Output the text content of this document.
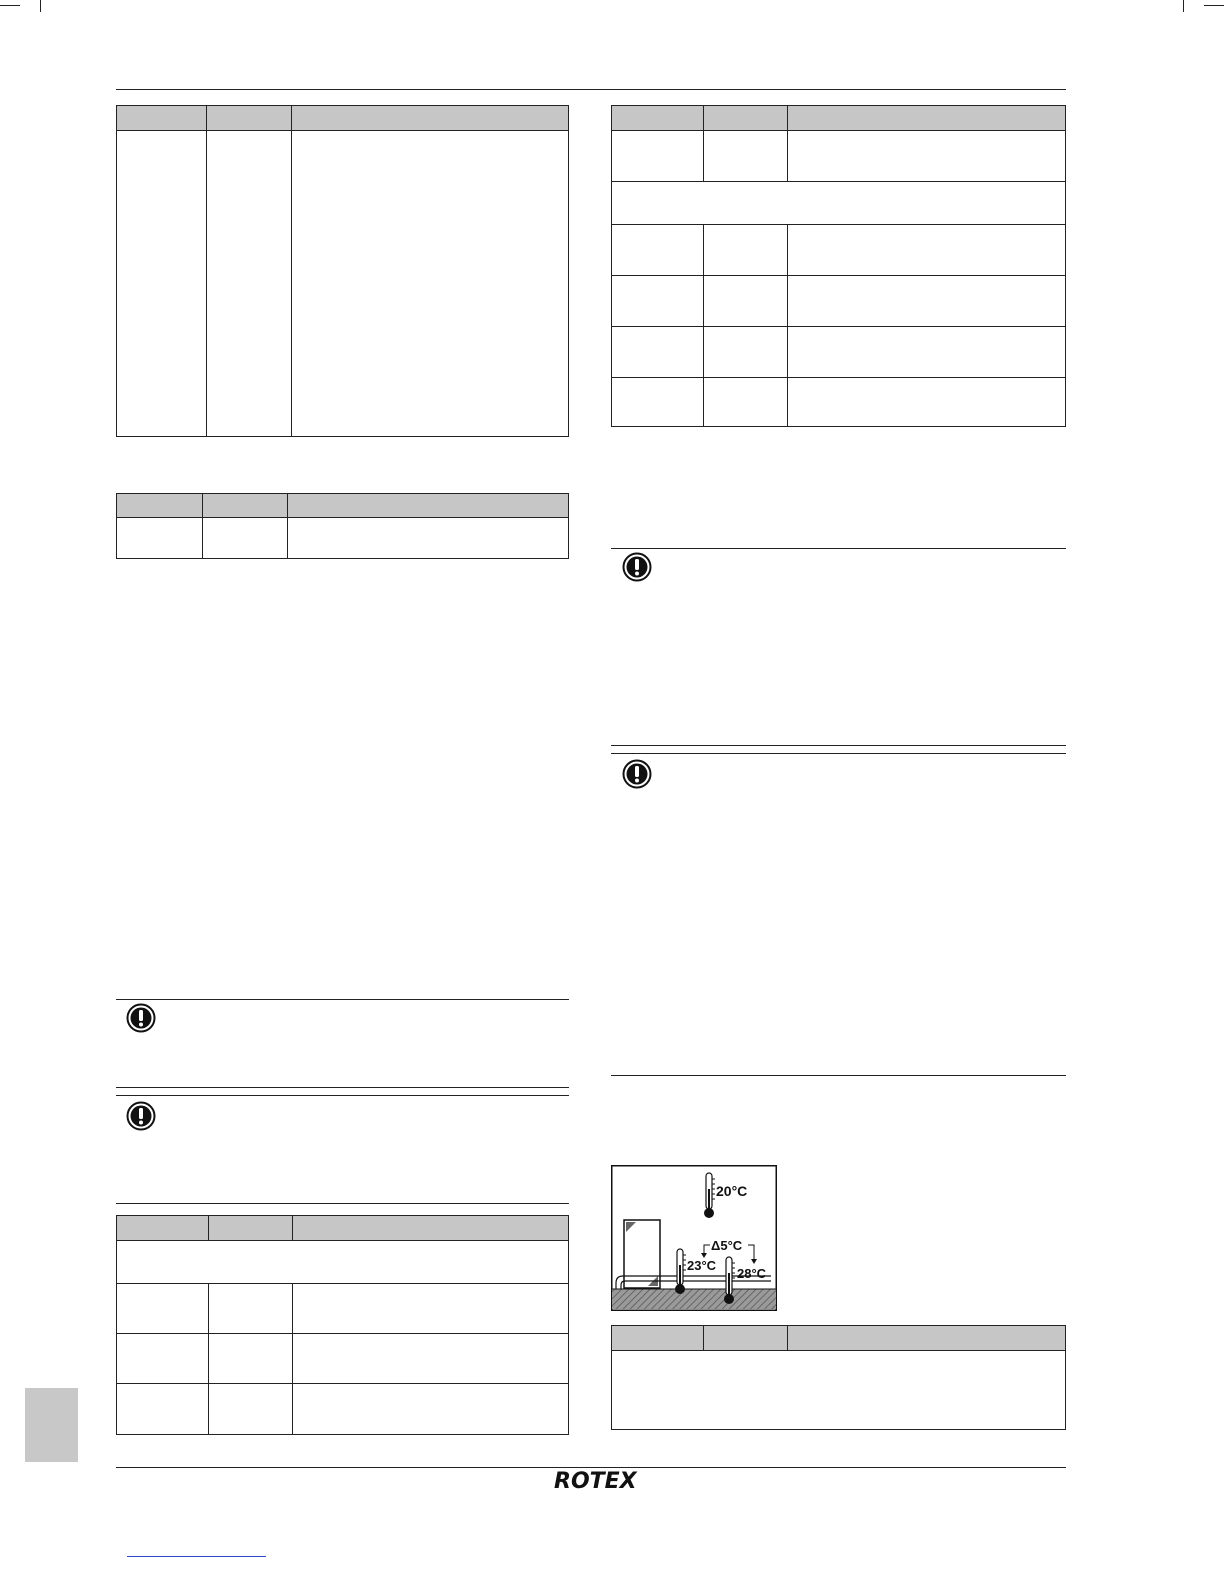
20°C
Δ5°C
23°C
28°C
ROTEX
